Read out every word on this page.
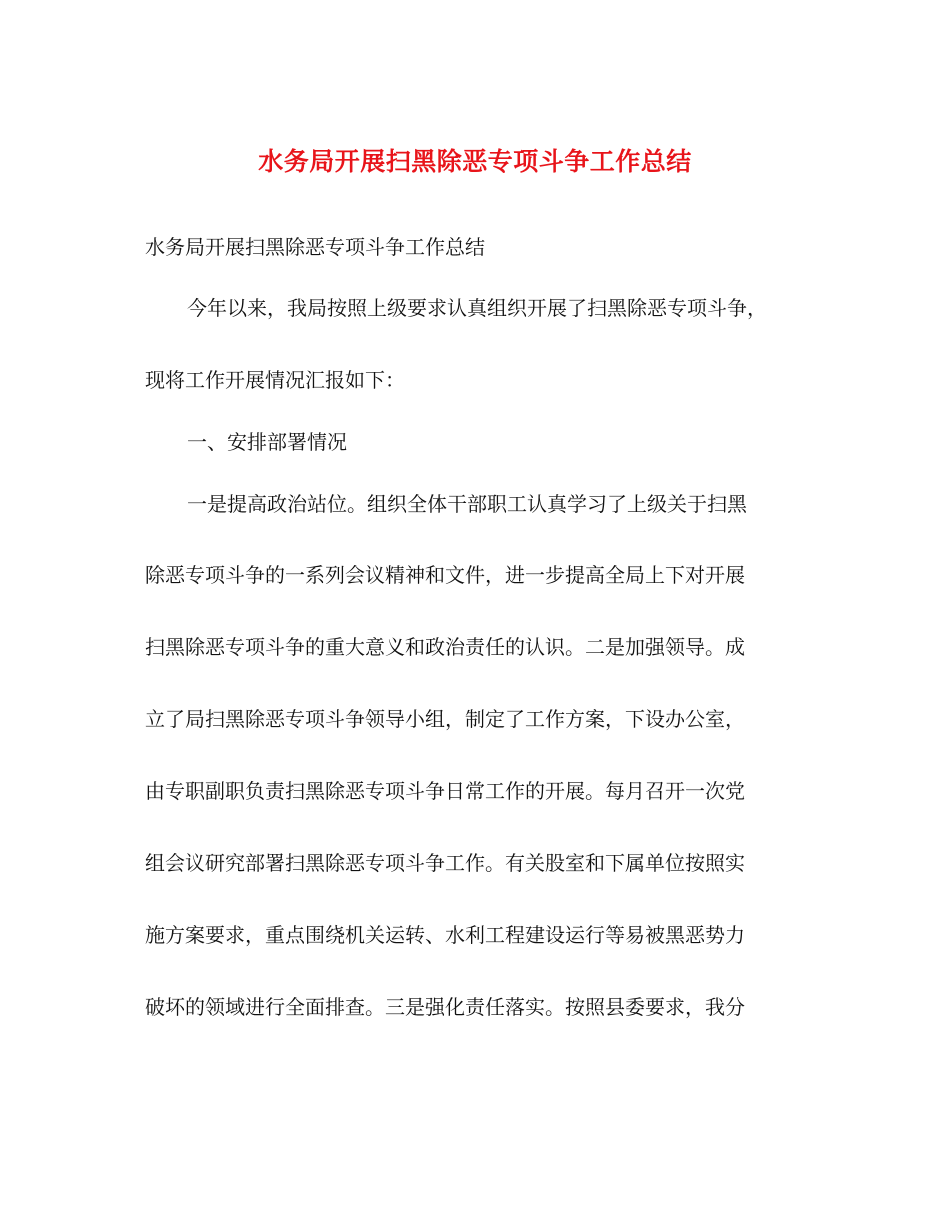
水务局开展扫黑除恶专项斗争工作总结
水务局开展扫黑除恶专项斗争工作总结
今年以来，我局按照上级要求认真组织开展了扫黑除恶专项斗争，
现将工作开展情况汇报如下：
一、安排部署情况
一是提高政治站位。组织全体干部职工认真学习了上级关于扫黑
除恶专项斗争的一系列会议精神和文件，进一步提高全局上下对开展
扫黑除恶专项斗争的重大意义和政治责任的认识。二是加强领导。成
立了局扫黑除恶专项斗争领导小组，制定了工作方案，下设办公室，
由专职副职负责扫黑除恶专项斗争日常工作的开展。每月召开一次党
组会议研究部署扫黑除恶专项斗争工作。有关股室和下属单位按照实
施方案要求，重点围绕机关运转、水利工程建设运行等易被黑恶势力
破坏的领域进行全面排查。三是强化责任落实。按照县委要求，我分
